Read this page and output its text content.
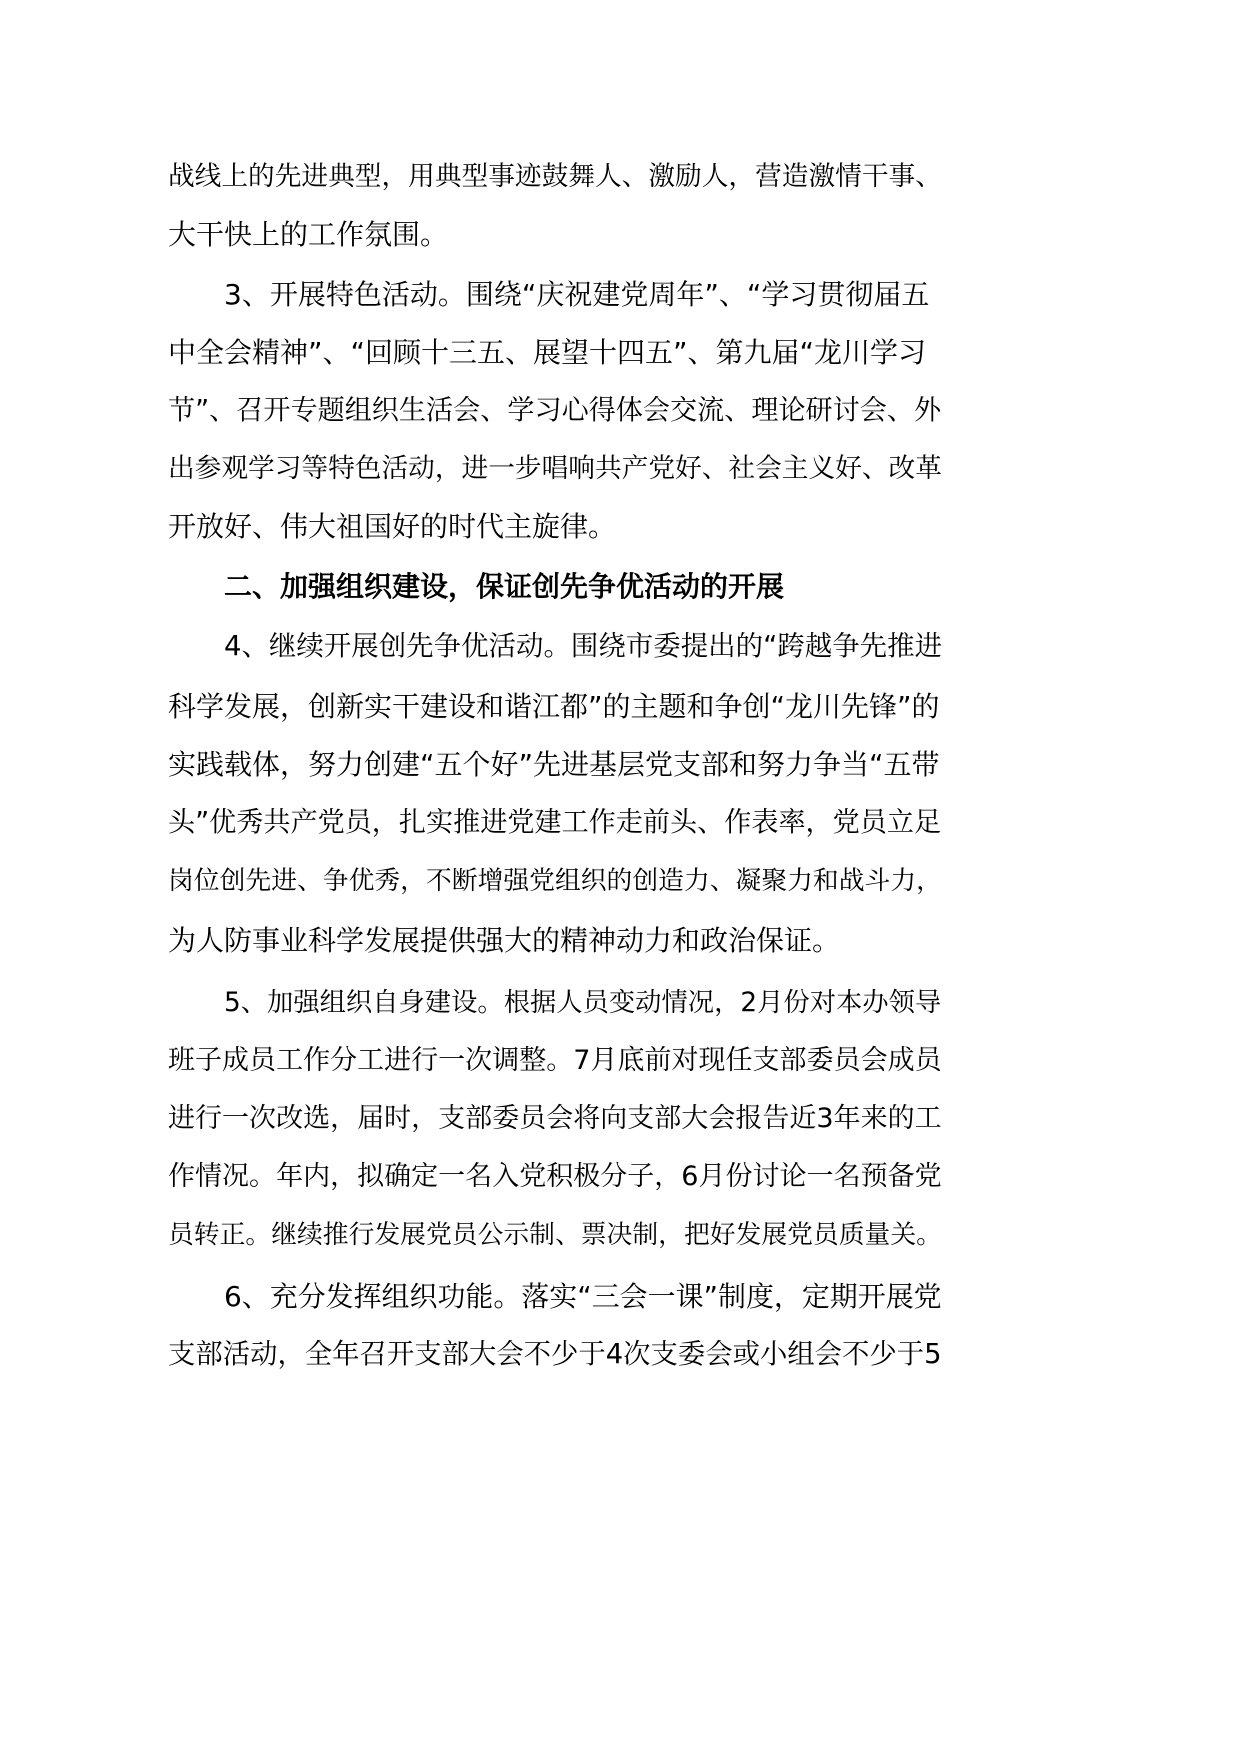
战线上的先进典型，用典型事迹鼓舞人、激励人，营造激情干事、
大干快上的工作氛围。
3、开展特色活动。围绕“庆祝建党周年”、“学习贯彻届五
中全会精神”、“回顾十三五、展望十四五”、第九届“龙川学习
节”、召开专题组织生活会、学习心得体会交流、理论研讨会、外
出参观学习等特色活动，进一步唱响共产党好、社会主义好、改革
开放好、伟大祖国好的时代主旋律。
二、加强组织建设，保证创先争优活动的开展
4、继续开展创先争优活动。围绕市委提出的“跨越争先推进
科学发展，创新实干建设和谐江都”的主题和争创“龙川先锋”的
实践载体，努力创建“五个好”先进基层党支部和努力争当“五带
头”优秀共产党员，扎实推进党建工作走前头、作表率，党员立足
岗位创先进、争优秀，不断增强党组织的创造力、凝聚力和战斗力，
为人防事业科学发展提供强大的精神动力和政治保证。
5、加强组织自身建设。根据人员变动情况，2月份对本办领导
班子成员工作分工进行一次调整。7月底前对现任支部委员会成员
进行一次改选，届时，支部委员会将向支部大会报告近3年来的工
作情况。年内，拟确定一名入党积极分子，6月份讨论一名预备党
员转正。继续推行发展党员公示制、票决制，把好发展党员质量关。
6、充分发挥组织功能。落实“三会一课”制度，定期开展党
支部活动，全年召开支部大会不少于4次支委会或小组会不少于5
